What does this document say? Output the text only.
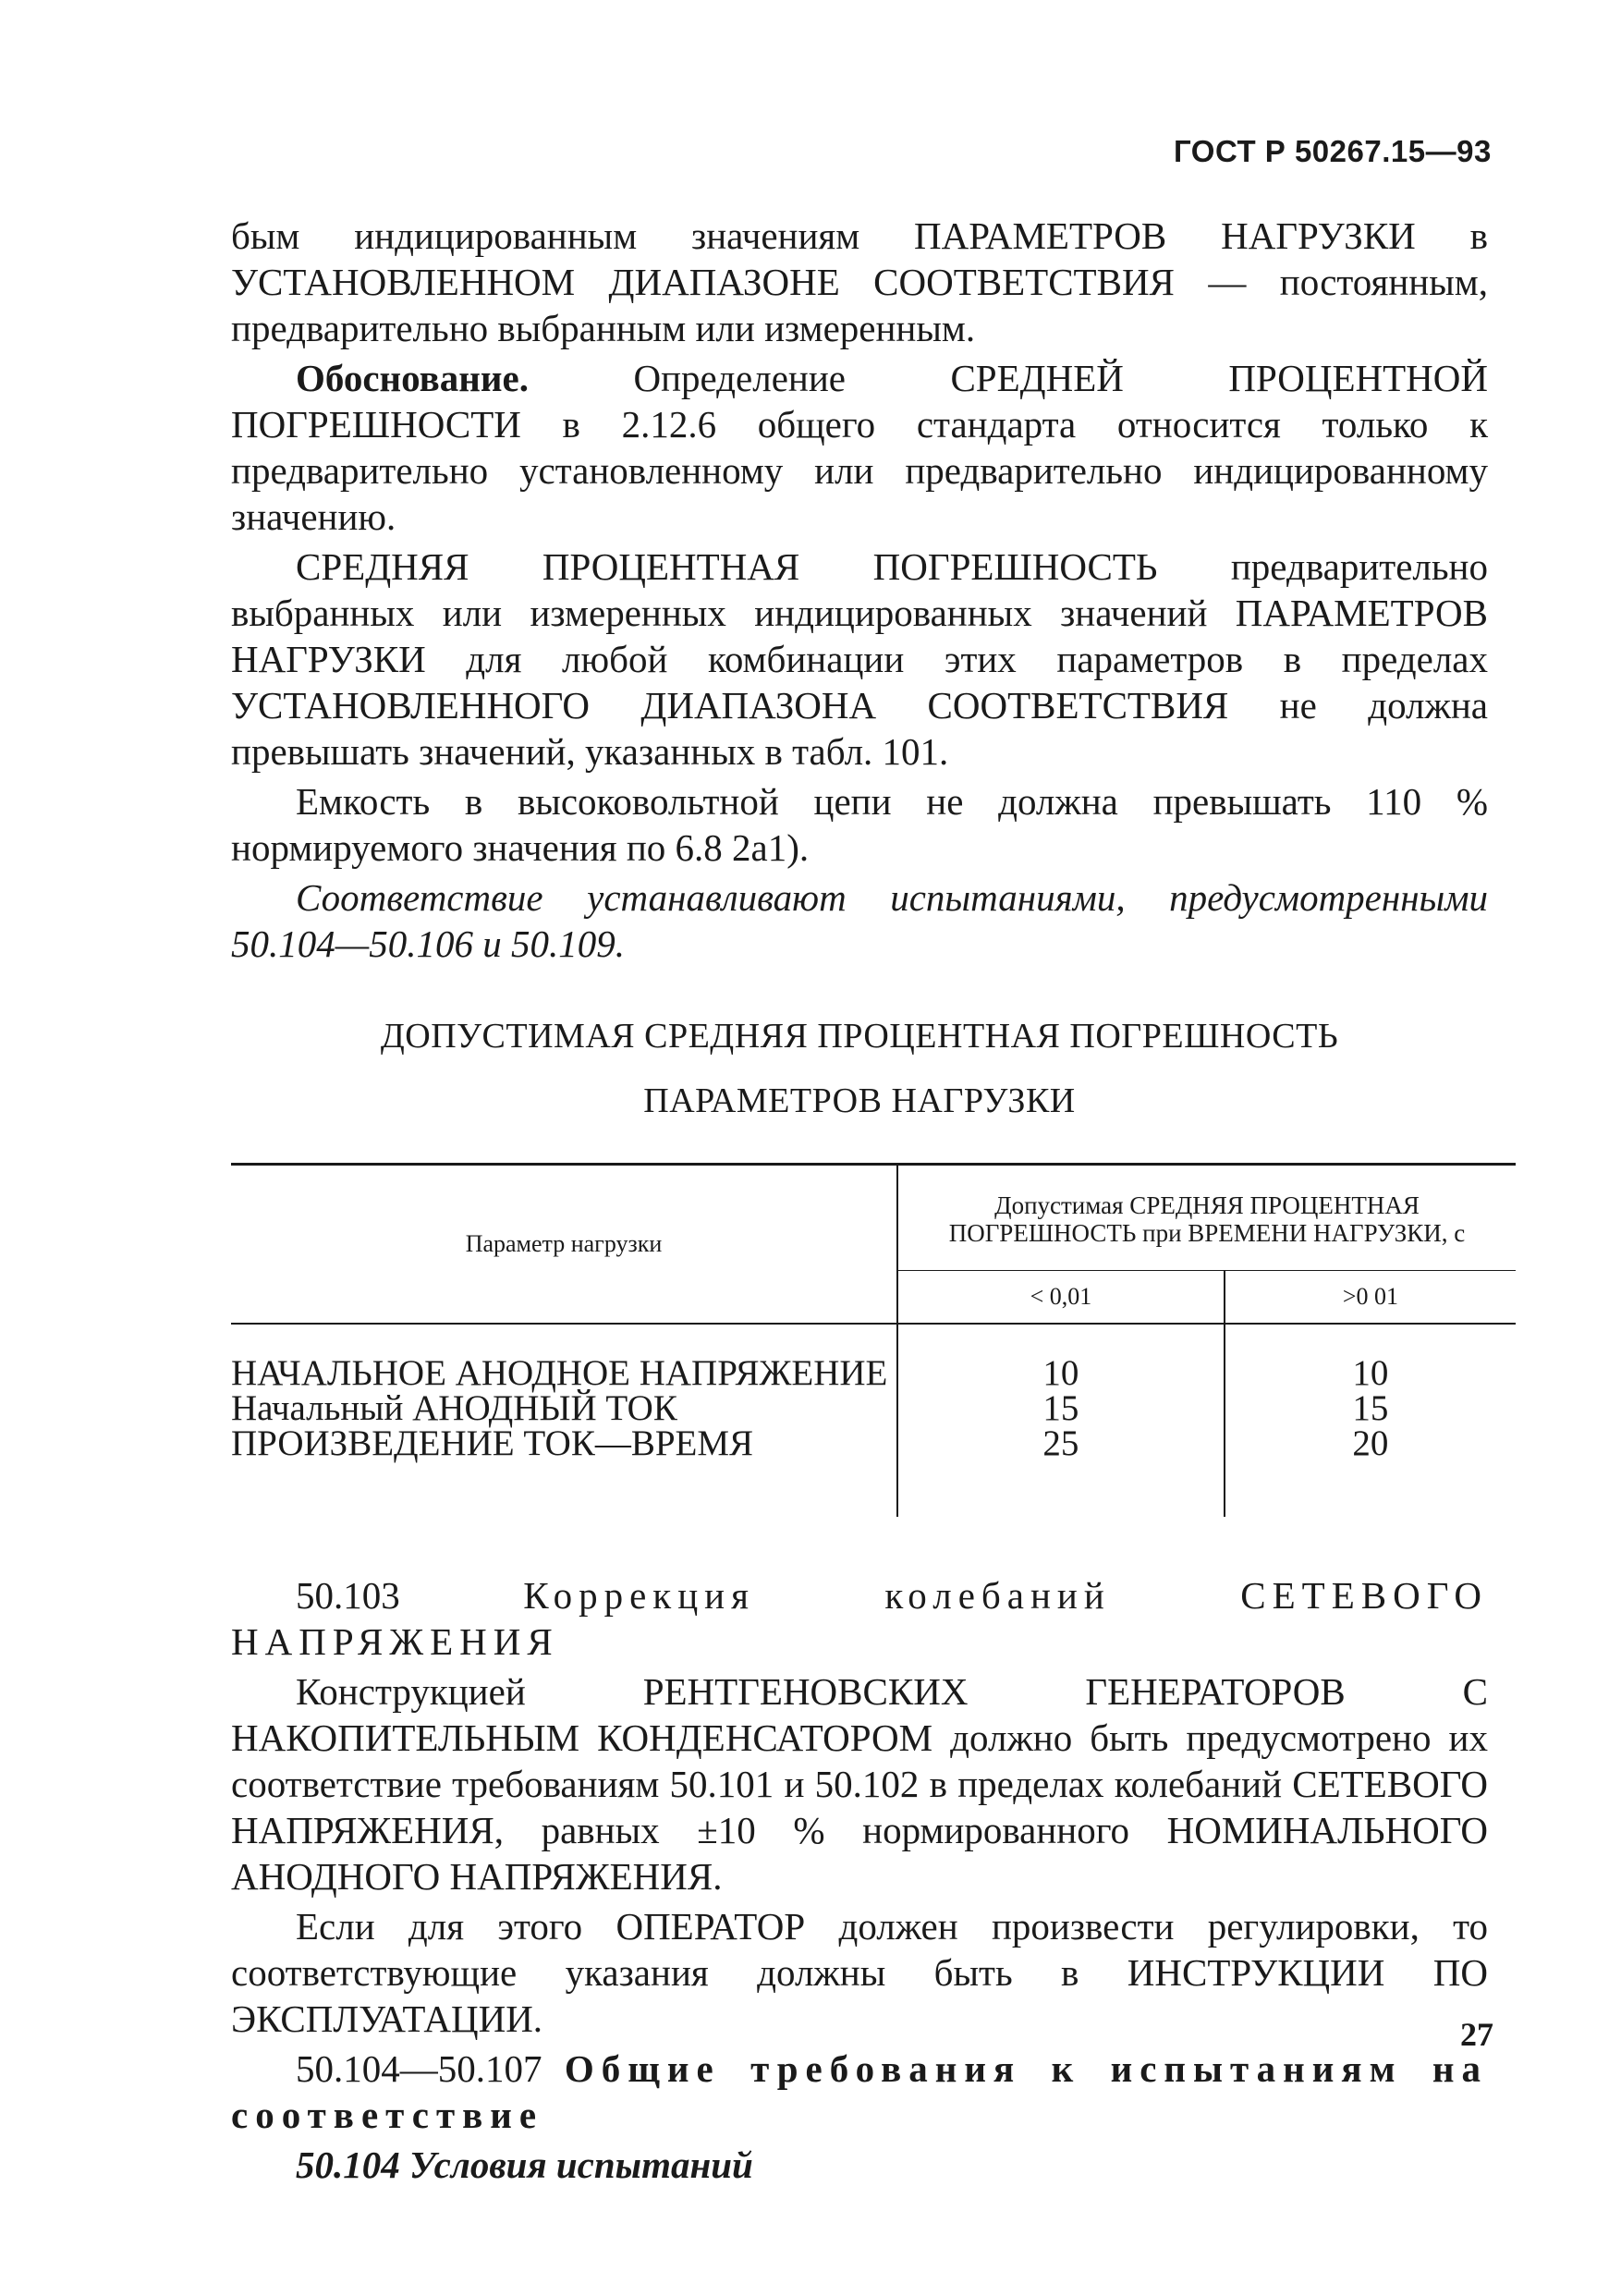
ГОСТ Р 50267.15—93

бым индицированным значениям ПАРАМЕТРОВ НАГРУЗКИ в УСТАНОВЛЕННОМ ДИАПАЗОНЕ СООТВЕТСТВИЯ — постоянным, предварительно выбранным или измеренным.

Обоснование. Определение СРЕДНЕЙ ПРОЦЕНТНОЙ ПОГРЕШНОСТИ в 2.12.6 общего стандарта относится только к предварительно установленному или предварительно индицированному значению.

СРЕДНЯЯ ПРОЦЕНТНАЯ ПОГРЕШНОСТЬ предварительно выбранных или измеренных индицированных значений ПАРАМЕТРОВ НАГРУЗКИ для любой комбинации этих параметров в пределах УСТАНОВЛЕННОГО ДИАПАЗОНА СООТВЕТСТВИЯ не должна превышать значений, указанных в табл. 101.

Емкость в высоковольтной цепи не должна превышать 110 % нормируемого значения по 6.8 2а1).

Соответствие устанавливают испытаниями, предусмотренными 50.104—50.106 и 50.109.

ДОПУСТИМАЯ СРЕДНЯЯ ПРОЦЕНТНАЯ ПОГРЕШНОСТЬ
ПАРАМЕТРОВ НАГРУЗКИ
Параметр нагрузки	Допустимая СРЕДНЯЯ ПРОЦЕНТНАЯ ПОГРЕШНОСТЬ при ВРЕМЕНИ НАГРУЗКИ, с	
	< 0,01	>0 01
НАЧАЛЬНОЕ АНОДНОЕ НАПРЯЖЕНИЕ	10	10
Начальный АНОДНЫЙ ТОК	15	15
ПРОИЗВЕДЕНИЕ ТОК—ВРЕМЯ	25	20

50.103	Коррекция колебаний СЕТЕВОГО НАПРЯЖЕНИЯ

Конструкцией РЕНТГЕНОВСКИХ ГЕНЕРАТОРОВ С НАКОПИТЕЛЬНЫМ КОНДЕНСАТОРОМ должно быть предусмотрено их соответствие требованиям 50.101 и 50.102 в пределах колебаний СЕТЕВОГО НАПРЯЖЕНИЯ, равных ±10 % нормированного НОМИНАЛЬНОГО АНОДНОГО НАПРЯЖЕНИЯ.

Если для этого ОПЕРАТОР должен произвести регулировки, то соответствующие указания должны быть в ИНСТРУКЦИИ ПО ЭКСПЛУАТАЦИИ.

50.104—50.107 Общие требования к испытаниям на соответствие

50.104 Условия испытаний

27
